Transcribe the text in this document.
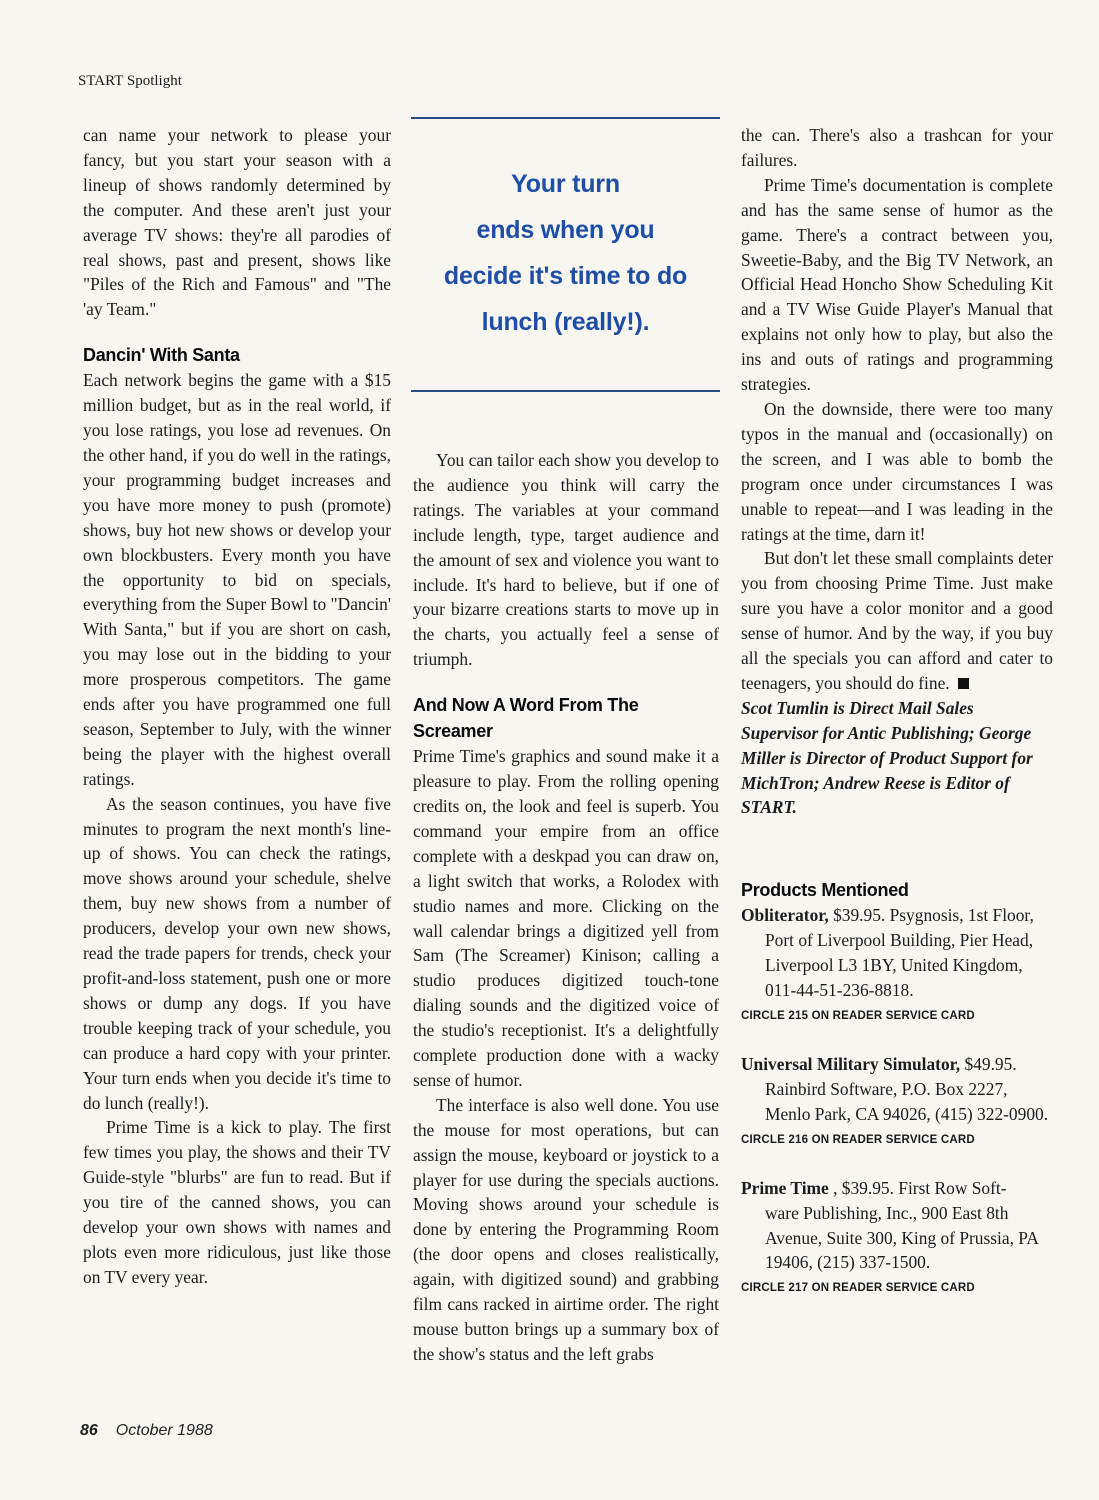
START Spotlight

can name your network to please your fancy, but you start your season with a lineup of shows randomly determined by the computer. And these aren't just your average TV shows: they're all parodies of real shows, past and present, shows like "Piles of the Rich and Famous" and "The 'ay Team."

Dancin' With Santa

Each network begins the game with a $15 million budget, but as in the real world, if you lose ratings, you lose ad revenues. On the other hand, if you do well in the ratings, your programming budget increases and you have more money to push (promote) shows, buy hot new shows or develop your own blockbusters. Every month you have the opportunity to bid on specials, everything from the Super Bowl to "Dancin' With Santa," but if you are short on cash, you may lose out in the bidding to your more prosperous competitors. The game ends after you have programmed one full season, September to July, with the winner being the player with the highest overall ratings.

As the season continues, you have five minutes to program the next month's line-up of shows. You can check the ratings, move shows around your schedule, shelve them, buy new shows from a number of producers, develop your own new shows, read the trade papers for trends, check your profit-and-loss statement, push one or more shows or dump any dogs. If you have trouble keeping track of your schedule, you can produce a hard copy with your printer. Your turn ends when you decide it's time to do lunch (really!).

Prime Time is a kick to play. The first few times you play, the shows and their TV Guide-style "blurbs" are fun to read. But if you tire of the canned shows, you can develop your own shows with names and plots even more ridiculous, just like those on TV every year.

Your turn
ends when you
decide it's time to do
lunch (really!).

You can tailor each show you develop to the audience you think will carry the ratings. The variables at your command include length, type, target audience and the amount of sex and violence you want to include. It's hard to believe, but if one of your bizarre creations starts to move up in the charts, you actually feel a sense of triumph.

And Now A Word From The Screamer

Prime Time's graphics and sound make it a pleasure to play. From the rolling opening credits on, the look and feel is superb. You command your empire from an office complete with a deskpad you can draw on, a light switch that works, a Rolodex with studio names and more. Clicking on the wall calendar brings a digitized yell from Sam (The Screamer) Kinison; calling a studio produces digitized touch-tone dialing sounds and the digitized voice of the studio's receptionist. It's a delightfully complete production done with a wacky sense of humor.

The interface is also well done. You use the mouse for most operations, but can assign the mouse, keyboard or joystick to a player for use during the specials auctions. Moving shows around your schedule is done by entering the Programming Room (the door opens and closes realistically, again, with digitized sound) and grabbing film cans racked in airtime order. The right mouse button brings up a summary box of the show's status and the left grabs

the can. There's also a trashcan for your failures.

Prime Time's documentation is complete and has the same sense of humor as the game. There's a contract between you, Sweetie-Baby, and the Big TV Network, an Official Head Honcho Show Scheduling Kit and a TV Wise Guide Player's Manual that explains not only how to play, but also the ins and outs of ratings and programming strategies.

On the downside, there were too many typos in the manual and (occasionally) on the screen, and I was able to bomb the program once under circumstances I was unable to repeat—and I was leading in the ratings at the time, darn it!

But don't let these small complaints deter you from choosing Prime Time. Just make sure you have a color monitor and a good sense of humor. And by the way, if you buy all the specials you can afford and cater to teenagers, you should do fine.

Scot Tumlin is Direct Mail Sales Supervisor for Antic Publishing; George Miller is Director of Product Support for MichTron; Andrew Reese is Editor of START.

Products Mentioned
Obliterator, $39.95. Psygnosis, 1st Floor,
Port of Liverpool Building, Pier Head, Liverpool L3 1BY, United Kingdom, 011-44-51-236-8818.
CIRCLE 215 ON READER SERVICE CARD
Universal Military Simulator, $49.95.
Rainbird Software, P.O. Box 2227, Menlo Park, CA 94026, (415) 322-0900.
CIRCLE 216 ON READER SERVICE CARD
Prime Time , $39.95. First Row Soft-
ware Publishing, Inc., 900 East 8th Avenue, Suite 300, King of Prussia, PA 19406, (215) 337-1500.
CIRCLE 217 ON READER SERVICE CARD
86 October 1988
